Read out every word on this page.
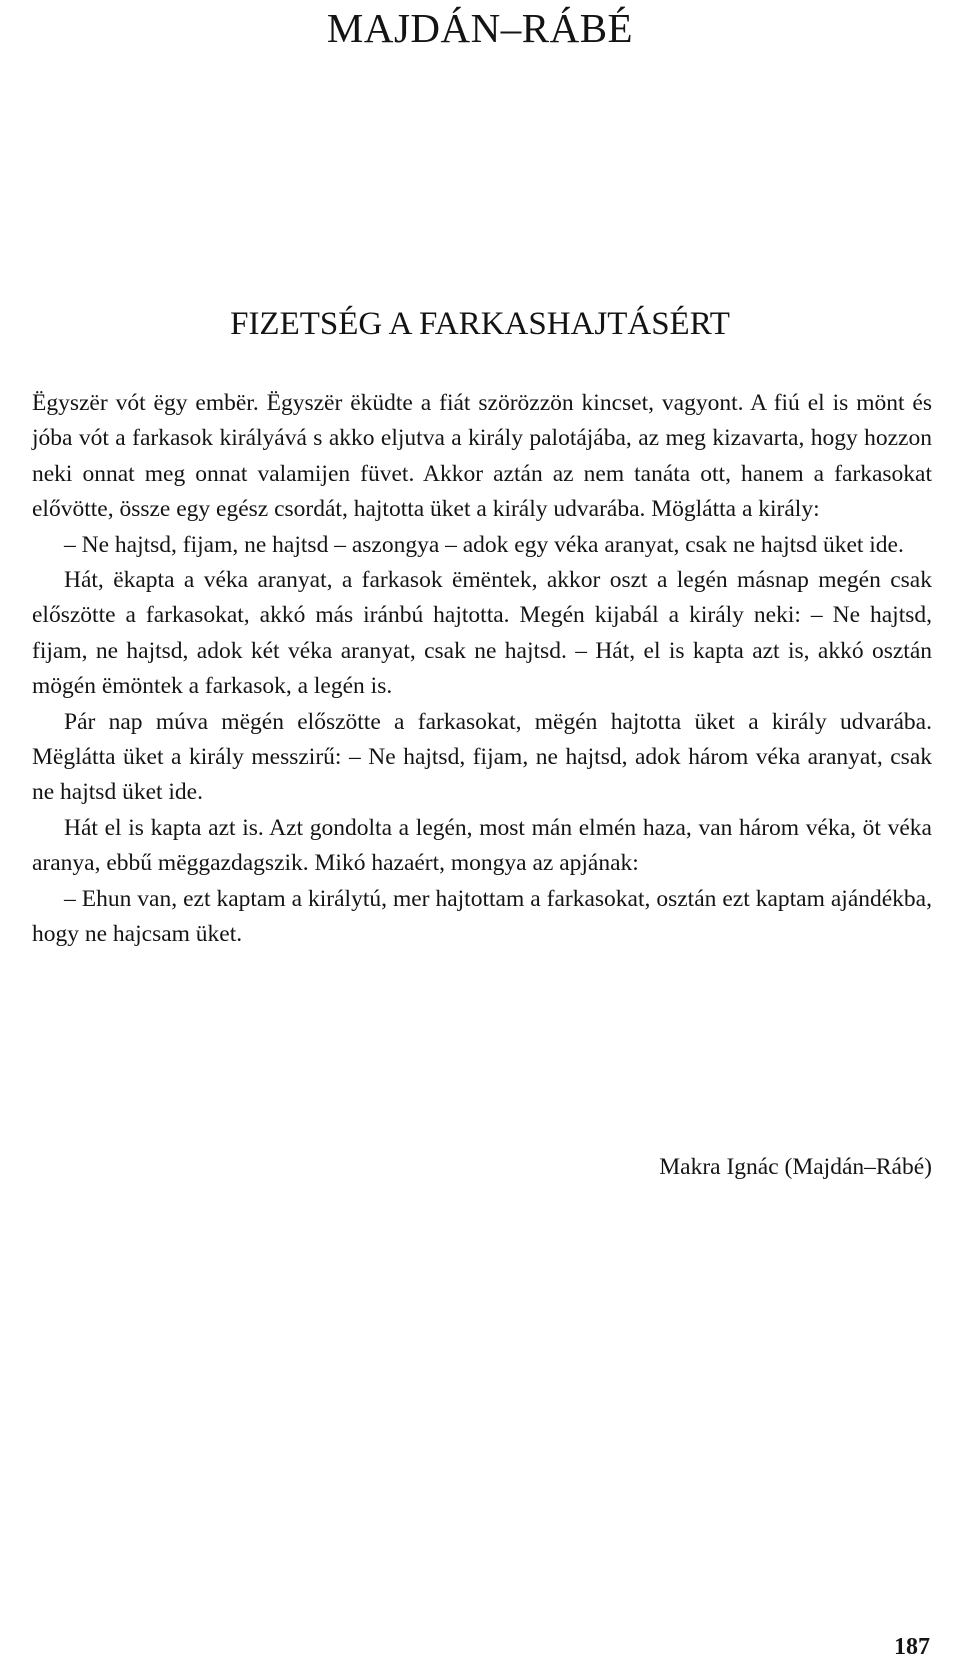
MAJDÁN–RÁBÉ
FIZETSÉG A FARKASHAJTÁSÉRT

Ëgyszër vót ëgy embër. Ëgyszër ëküdte a fiát szörözzön kincset, vagyont. A fiú el is mönt és jóba vót a farkasok királyává s akko eljutva a király palotájába, az meg kizavarta, hogy hozzon neki onnat meg onnat valamijen füvet. Akkor aztán az nem tanáta ott, hanem a farkasokat elővötte, össze egy egész csordát, hajtotta üket a király udvarába. Möglátta a király:

– Ne hajtsd, fijam, ne hajtsd – aszongya – adok egy véka aranyat, csak ne hajtsd üket ide.

Hát, ëkapta a véka aranyat, a farkasok ëmëntek, akkor oszt a legén másnap megén csak előszötte a farkasokat, akkó más iránbú hajtotta. Megén kijabál a király neki: – Ne hajtsd, fijam, ne hajtsd, adok két véka aranyat, csak ne hajtsd. – Hát, el is kapta azt is, akkó osztán mögén ëmöntek a farkasok, a legén is.

Pár nap múva mëgén előszötte a farkasokat, mëgén hajtotta üket a király udvarába. Mëglátta üket a király messzirű: – Ne hajtsd, fijam, ne hajtsd, adok három véka aranyat, csak ne hajtsd üket ide.

Hát el is kapta azt is. Azt gondolta a legén, most mán elmén haza, van három véka, öt véka aranya, ebbű mëggazdagszik. Mikó hazaért, mongya az apjának:

– Ehun van, ezt kaptam a királytú, mer hajtottam a farkasokat, osztán ezt kaptam ajándékba, hogy ne hajcsam üket.

Makra Ignác (Majdán–Rábé)
187
